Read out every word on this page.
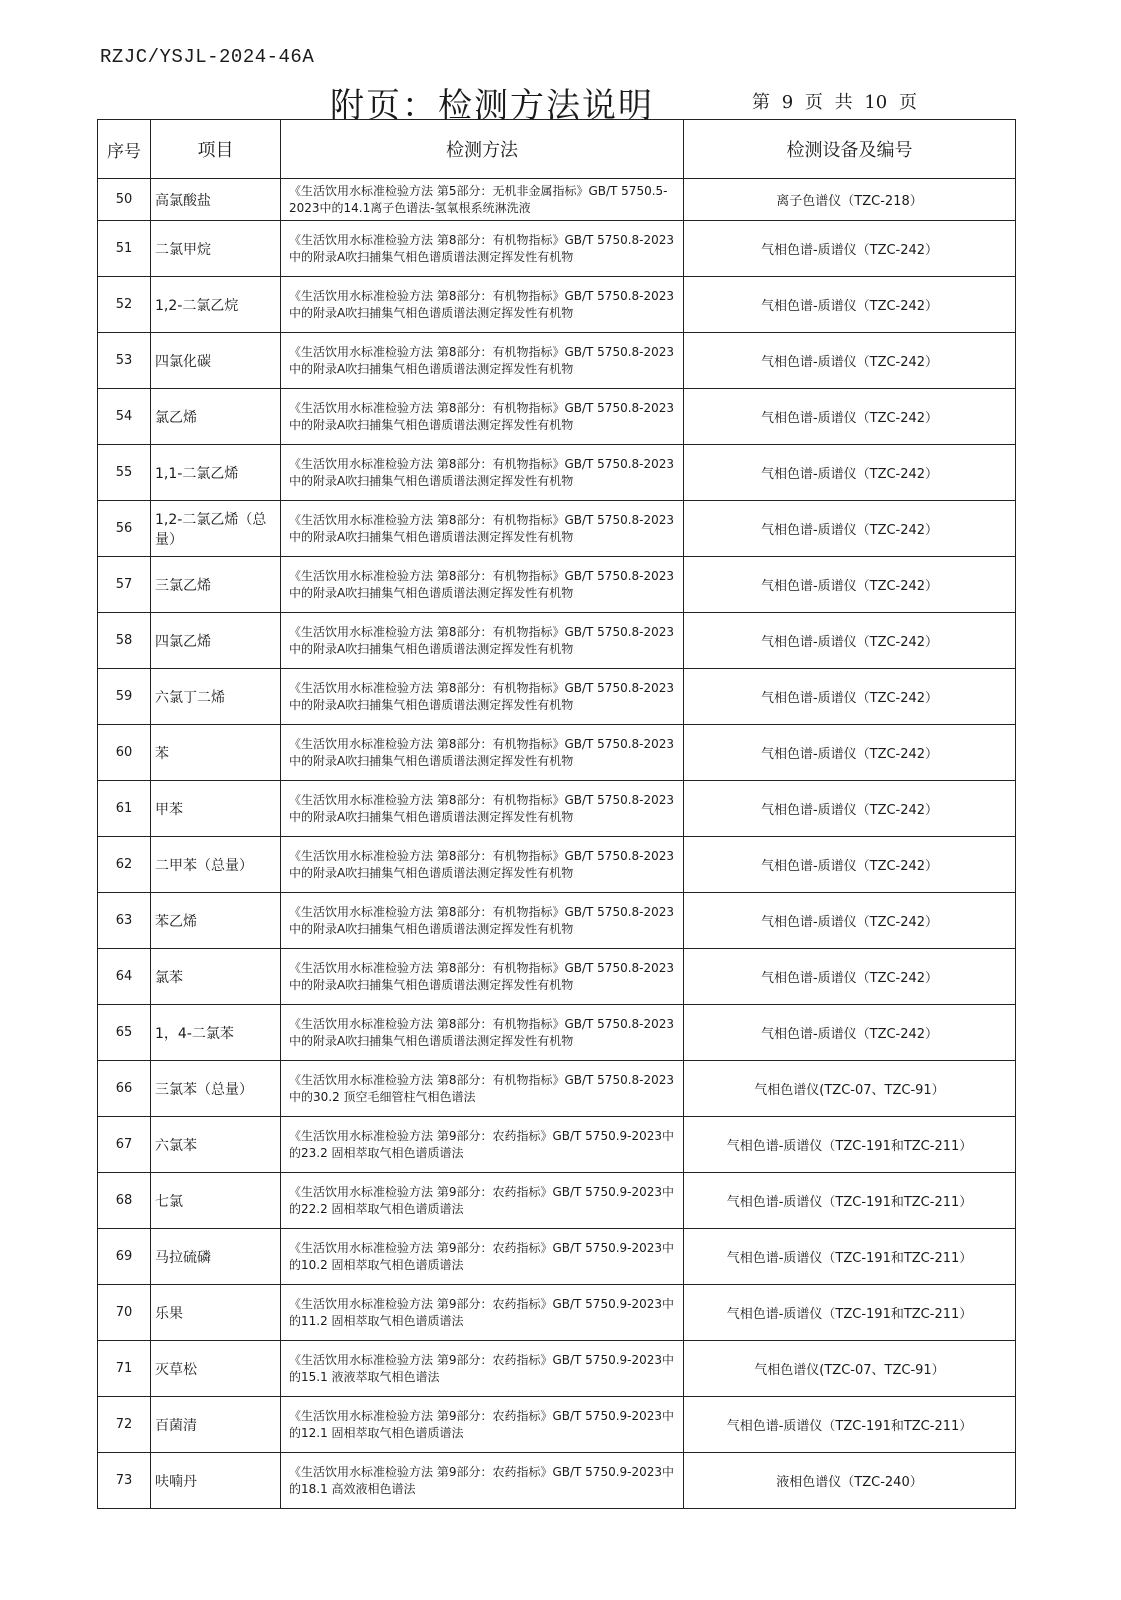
RZJC/YSJL-2024-46A
附页：检测方法说明	第 9 页 共 10 页
序号	项目	检测方法	检测设备及编号
50	高氯酸盐	《生活饮用水标准检验方法 第5部分：无机非金属指标》GB/T 5750.5-2023中的14.1离子色谱法-氢氧根系统淋洗液	离子色谱仪（TZC-218）
51	二氯甲烷	《生活饮用水标准检验方法 第8部分：有机物指标》GB/T 5750.8-2023中的附录A吹扫捕集气相色谱质谱法测定挥发性有机物	气相色谱-质谱仪（TZC-242）
52	1,2-二氯乙烷	《生活饮用水标准检验方法 第8部分：有机物指标》GB/T 5750.8-2023中的附录A吹扫捕集气相色谱质谱法测定挥发性有机物	气相色谱-质谱仪（TZC-242）
53	四氯化碳	《生活饮用水标准检验方法 第8部分：有机物指标》GB/T 5750.8-2023中的附录A吹扫捕集气相色谱质谱法测定挥发性有机物	气相色谱-质谱仪（TZC-242）
54	氯乙烯	《生活饮用水标准检验方法 第8部分：有机物指标》GB/T 5750.8-2023中的附录A吹扫捕集气相色谱质谱法测定挥发性有机物	气相色谱-质谱仪（TZC-242）
55	1,1-二氯乙烯	《生活饮用水标准检验方法 第8部分：有机物指标》GB/T 5750.8-2023中的附录A吹扫捕集气相色谱质谱法测定挥发性有机物	气相色谱-质谱仪（TZC-242）
56	1,2-二氯乙烯（总量）	《生活饮用水标准检验方法 第8部分：有机物指标》GB/T 5750.8-2023中的附录A吹扫捕集气相色谱质谱法测定挥发性有机物	气相色谱-质谱仪（TZC-242）
57	三氯乙烯	《生活饮用水标准检验方法 第8部分：有机物指标》GB/T 5750.8-2023中的附录A吹扫捕集气相色谱质谱法测定挥发性有机物	气相色谱-质谱仪（TZC-242）
58	四氯乙烯	《生活饮用水标准检验方法 第8部分：有机物指标》GB/T 5750.8-2023中的附录A吹扫捕集气相色谱质谱法测定挥发性有机物	气相色谱-质谱仪（TZC-242）
59	六氯丁二烯	《生活饮用水标准检验方法 第8部分：有机物指标》GB/T 5750.8-2023中的附录A吹扫捕集气相色谱质谱法测定挥发性有机物	气相色谱-质谱仪（TZC-242）
60	苯	《生活饮用水标准检验方法 第8部分：有机物指标》GB/T 5750.8-2023中的附录A吹扫捕集气相色谱质谱法测定挥发性有机物	气相色谱-质谱仪（TZC-242）
61	甲苯	《生活饮用水标准检验方法 第8部分：有机物指标》GB/T 5750.8-2023中的附录A吹扫捕集气相色谱质谱法测定挥发性有机物	气相色谱-质谱仪（TZC-242）
62	二甲苯（总量）	《生活饮用水标准检验方法 第8部分：有机物指标》GB/T 5750.8-2023中的附录A吹扫捕集气相色谱质谱法测定挥发性有机物	气相色谱-质谱仪（TZC-242）
63	苯乙烯	《生活饮用水标准检验方法 第8部分：有机物指标》GB/T 5750.8-2023中的附录A吹扫捕集气相色谱质谱法测定挥发性有机物	气相色谱-质谱仪（TZC-242）
64	氯苯	《生活饮用水标准检验方法 第8部分：有机物指标》GB/T 5750.8-2023中的附录A吹扫捕集气相色谱质谱法测定挥发性有机物	气相色谱-质谱仪（TZC-242）
65	1，4-二氯苯	《生活饮用水标准检验方法 第8部分：有机物指标》GB/T 5750.8-2023中的附录A吹扫捕集气相色谱质谱法测定挥发性有机物	气相色谱-质谱仪（TZC-242）
66	三氯苯（总量）	《生活饮用水标准检验方法 第8部分：有机物指标》GB/T 5750.8-2023中的30.2 顶空毛细管柱气相色谱法	气相色谱仪(TZC-07、TZC-91）
67	六氯苯	《生活饮用水标准检验方法 第9部分：农药指标》GB/T 5750.9-2023中的23.2 固相萃取气相色谱质谱法	气相色谱-质谱仪（TZC-191和TZC-211）
68	七氯	《生活饮用水标准检验方法 第9部分：农药指标》GB/T 5750.9-2023中的22.2 固相萃取气相色谱质谱法	气相色谱-质谱仪（TZC-191和TZC-211）
69	马拉硫磷	《生活饮用水标准检验方法 第9部分：农药指标》GB/T 5750.9-2023中的10.2 固相萃取气相色谱质谱法	气相色谱-质谱仪（TZC-191和TZC-211）
70	乐果	《生活饮用水标准检验方法 第9部分：农药指标》GB/T 5750.9-2023中的11.2 固相萃取气相色谱质谱法	气相色谱-质谱仪（TZC-191和TZC-211）
71	灭草松	《生活饮用水标准检验方法 第9部分：农药指标》GB/T 5750.9-2023中的15.1 液液萃取气相色谱法	气相色谱仪(TZC-07、TZC-91）
72	百菌清	《生活饮用水标准检验方法 第9部分：农药指标》GB/T 5750.9-2023中的12.1 固相萃取气相色谱质谱法	气相色谱-质谱仪（TZC-191和TZC-211）
73	呋喃丹	《生活饮用水标准检验方法 第9部分：农药指标》GB/T 5750.9-2023中的18.1 高效液相色谱法	液相色谱仪（TZC-240）
